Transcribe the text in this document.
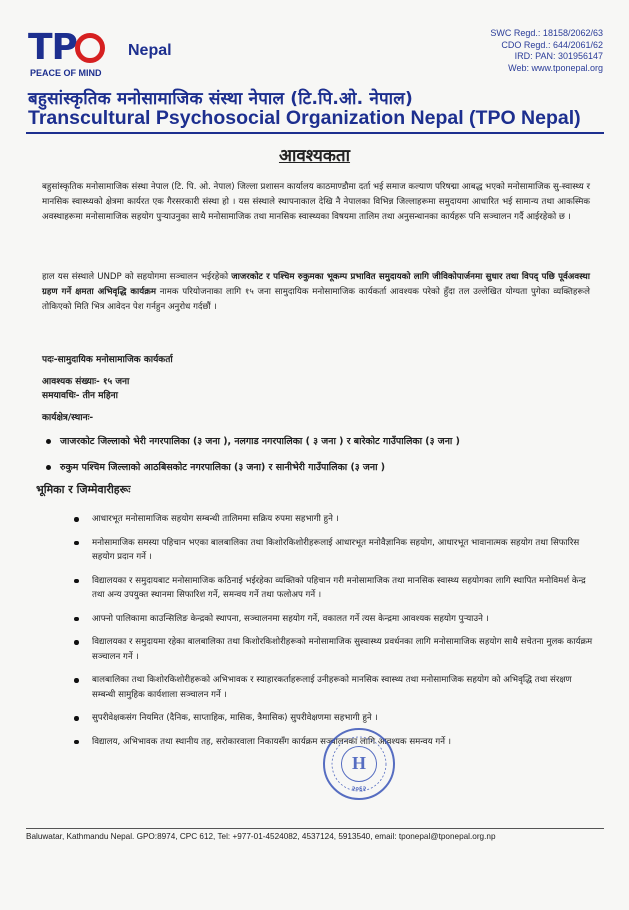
TP	Nepal
PEACE OF MIND
SWC Regd.: 18158/2062/63
CDO Regd.: 644/2061/62
IRD: PAN: 301956147
Web: www.tponepal.org
बहुसांस्कृतिक मनोसामाजिक संस्था नेपाल (टि.पि.ओ. नेपाल)
Transcultural Psychosocial Organization Nepal (TPO Nepal)
आवश्यकता
बहुसांस्कृतिक मनोसामाजिक संस्था नेपाल (टि. पि. ओ. नेपाल) जिल्ला प्रशासन कार्यालय काठमाण्डौमा दर्ता भई समाज कल्याण परिषद्मा आबद्ध भएको मनोसामाजिक सु-स्वास्थ्य र मानसिक स्वास्थ्यको क्षेत्रमा कार्यरत एक गैरसरकारी संस्था हो । यस संस्थाले स्थापनाकाल देखि नै नेपालका विभिन्न जिल्लाहरूमा समुदायमा आधारित भई सामान्य तथा आकस्मिक अवस्थाहरूमा मनोसामाजिक सहयोग पुऱ्याउनुका साथै मनोसामाजिक तथा मानसिक स्वास्थ्यका विषयमा तालिम तथा अनुसन्धानका कार्यहरू पनि सञ्चालन गर्दै आईरहेको छ ।
हाल यस संस्थाले UNDP को सहयोगमा सञ्चालन भईरहेको जाजरकोट र पश्चिम रुकुमका भूकम्प प्रभावित समुदायको लागि जीविकोपार्जनमा सुधार तथा विपद् पछि पूर्वअवस्था ग्रहण गर्ने क्षमता अभिवृद्धि कार्यक्रम नामक परियोजनाका लागि १५ जना सामुदायिक मनोसामाजिक कार्यकर्ता आवश्यक परेको हुँदा तल उल्लेखित योग्यता पुगेका व्यक्तिहरूले तोकिएको मिति भित्र आवेदन पेश गर्नहुन अनुरोध गर्दछौं ।
पदः-सामुदायिक मनोसामाजिक कार्यकर्ता
आवश्यक संख्याः- १५ जना
समयावधिः- तीन महिना
कार्यक्षेत्र/स्थानः-
जाजरकोट जिल्लाको भेरी नगरपालिका (३ जना ), नलगाड नगरपालिका ( ३ जना ) र बारेकोट गाउँपालिका (३ जना )
रुकुम पश्चिम जिल्लाको आठबिसकोट नगरपालिका (३ जना) र सानीभेरी गाउँपालिका (३ जना )
भूमिका र जिम्मेवारीहरूः
आधारभूत मनोसामाजिक सहयोग सम्बन्धी तालिममा सक्रिय रुपमा सहभागी हुने ।
मनोसामाजिक समस्या पहिचान भएका बालबालिका तथा किशोरकिशोरीहरूलाई आधारभूत मनोवैज्ञानिक सहयोग, आधारभूत भावानात्मक सहयोग तथा सिफारिस सहयोग प्रदान गर्ने ।
विद्यालयका र समुदायबाट मनोसामाजिक कठिनाई भईरहेका व्यक्तिको पहिचान गरी मनोसामाजिक तथा मानसिक स्वास्थ्य सहयोगका लागि स्थापित मनोविमर्श केन्द्र तथा अन्य उपयुक्त स्थानमा सिफारिश गर्ने, समन्वय गर्ने तथा फलोअप गर्ने ।
आफ्नो पालिकामा काउन्सिलिङ केन्द्रको स्थापना, सञ्चालनमा सहयोग गर्ने, वकालत गर्ने त्यस केन्द्रमा आवश्यक सहयोग पुऱ्याउने ।
विद्यालयका र समुदायमा रहेका बालबालिका तथा किशोरकिशोरीहरूको मनोसामाजिक सुस्वास्थ्य प्रवर्धनका लागि मनोसामाजिक सहयोग साथै सचेतना मुलक कार्यक्रम सञ्चालन गर्ने ।
बालबालिका तथा किशोरकिशोरीहरूको अभिभावक र स्याहारकर्ताहरूलाई उनीहरूको मानसिक स्वास्थ्य तथा मनोसामाजिक सहयोग को अभिवृद्धि तथा संरक्षण सम्बन्धी सामुहिक कार्यशाला सञ्चालन गर्ने ।
सुपरीवेक्षकसंग नियमित (दैनिक, साप्ताहिक, मासिक, त्रैमासिक) सुपरीवेक्षणमा सहभागी हुने ।
विद्यालय, अभिभावक तथा स्थानीय तह, सरोकारवाला निकायसँग कार्यक्रम सञ्चालनका लागि आवश्यक समन्वय गर्ने ।
H
२०६२
Baluwatar, Kathmandu Nepal. GPO:8974, CPC 612, Tel: +977-01-4524082, 4537124, 5913540, email: tponepal@tponepal.org.np
